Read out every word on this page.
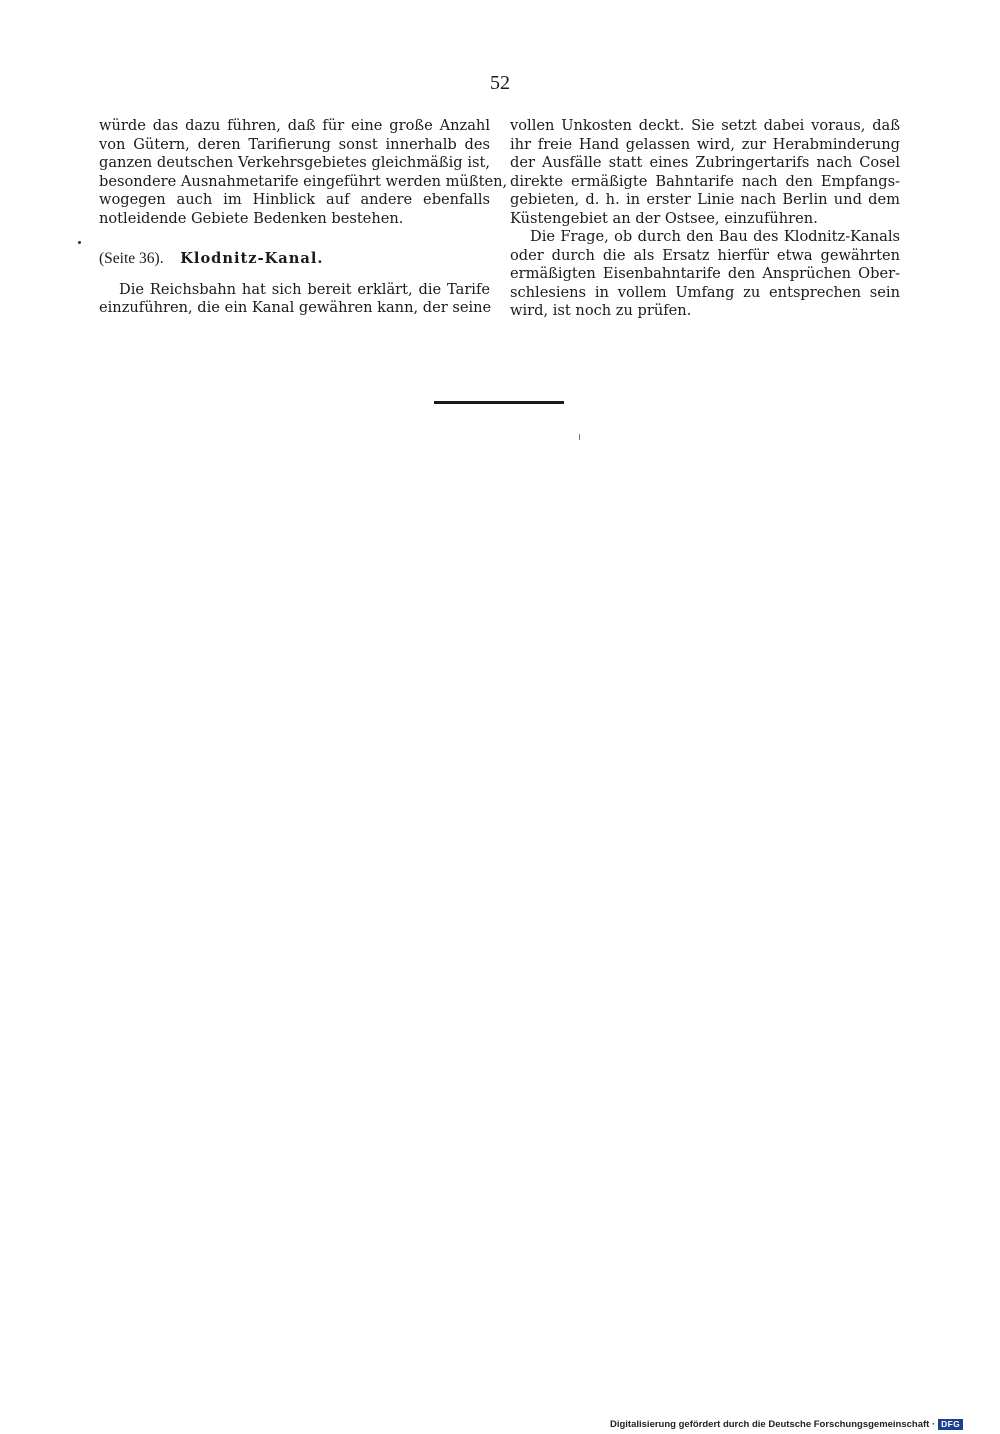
52
würde das dazu führen, daß für eine große Anzahl
von Gütern, deren Tarifierung sonst innerhalb des
ganzen deutschen Verkehrsgebietes gleichmäßig ist,
besondere Ausnahmetarife eingeführt werden müßten,
wogegen auch im Hinblick auf andere ebenfalls
notleidende Gebiete Bedenken bestehen.
(Seite 36). Klodnitz-Kanal.
Die Reichsbahn hat sich bereit erklärt, die Tarife
einzuführen, die ein Kanal gewähren kann, der seine
vollen Unkosten deckt. Sie setzt dabei voraus, daß
ihr freie Hand gelassen wird, zur Herabminderung
der Ausfälle statt eines Zubringertarifs nach Cosel
direkte ermäßigte Bahntarife nach den Empfangs-
gebieten, d. h. in erster Linie nach Berlin und dem
Küstengebiet an der Ostsee, einzuführen.
Die Frage, ob durch den Bau des Klodnitz-Kanals
oder durch die als Ersatz hierfür etwa gewährten
ermäßigten Eisenbahntarife den Ansprüchen Ober-
schlesiens in vollem Umfang zu entsprechen sein
wird, ist noch zu prüfen.
Digitalisierung gefördert durch die Deutsche Forschungsgemeinschaft · DFG
